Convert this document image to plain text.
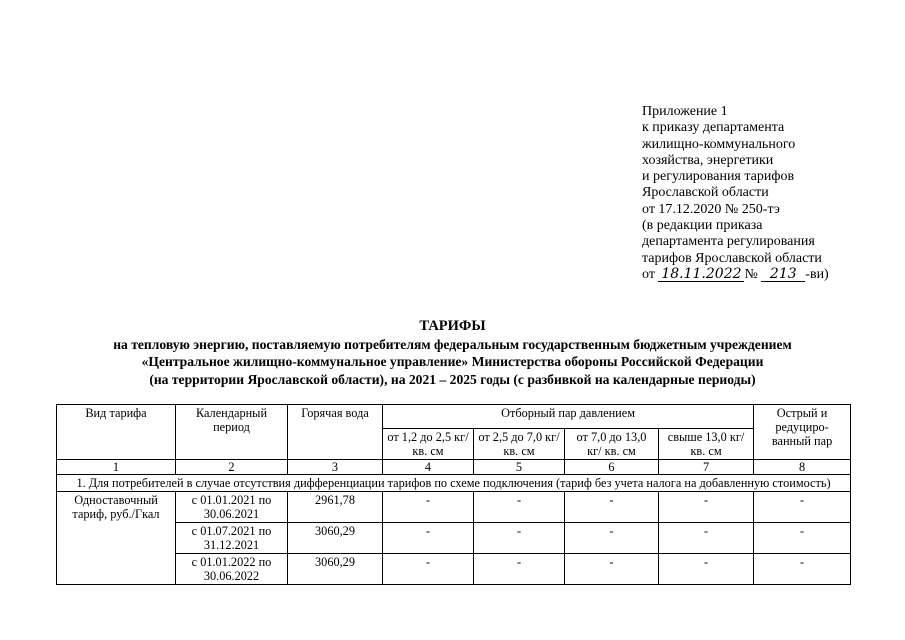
Приложение 1
к приказу департамента
жилищно-коммунального
хозяйства, энергетики
и регулирования тарифов
Ярославской области
от 17.12.2020 № 250-тэ
(в редакции приказа
департамента регулирования
тарифов Ярославской области
от 18.11.2022 № 213 -ви)
ТАРИФЫ
на тепловую энергию, поставляемую потребителям федеральным государственным бюджетным учреждением
«Центральное жилищно-коммунальное управление» Министерства обороны Российской Федерации
(на территории Ярославской области), на 2021 – 2025 годы (с разбивкой на календарные периоды)
Вид тарифа	Календарный период	Горячая вода	Отборный пар давлением				Острый и редуциро-ванный пар
			от 1,2 до 2,5 кг/ кв. см	от 2,5 до 7,0 кг/ кв. см	от 7,0 до 13,0 кг/ кв. см	свыше 13,0 кг/ кв. см	
1	2	3	4	5	6	7	8
1. Для потребителей в случае отсутствия дифференциации тарифов по схеме подключения (тариф без учета налога на добавленную стоимость)							
Одноставочный тариф, руб./Гкал	с 01.01.2021 по 30.06.2021	2961,78	-	-	-	-	-
	с 01.07.2021 по 31.12.2021	3060,29	-	-	-	-	-
	с 01.01.2022 по 30.06.2022	3060,29	-	-	-	-	-
